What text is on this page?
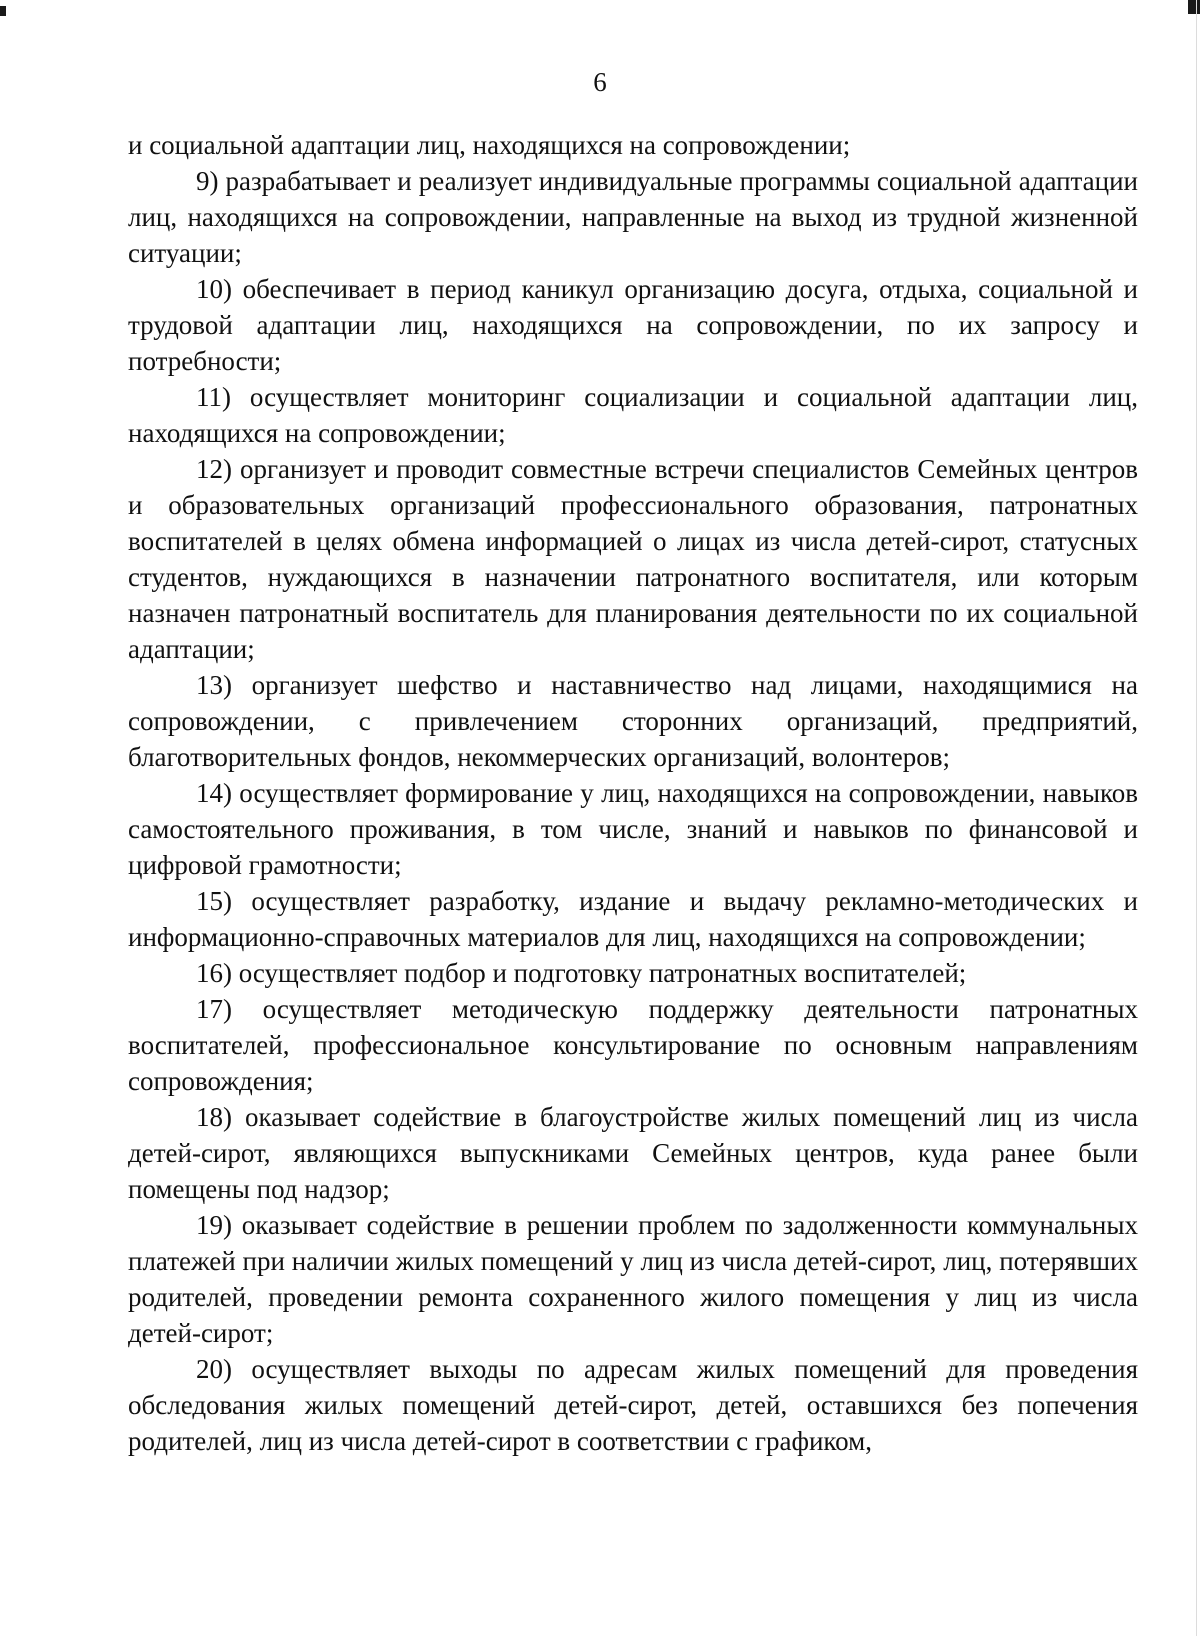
6

и социальной адаптации лиц, находящихся на сопровождении;

9) разрабатывает и реализует индивидуальные программы социальной адаптации лиц, находящихся на сопровождении, направленные на выход из трудной жизненной ситуации;

10) обеспечивает в период каникул организацию досуга, отдыха, социальной и трудовой адаптации лиц, находящихся на сопровождении, по их запросу и потребности;

11) осуществляет мониторинг социализации и социальной адаптации лиц, находящихся на сопровождении;

12) организует и проводит совместные встречи специалистов Семейных центров и образовательных организаций профессионального образования, патронатных воспитателей в целях обмена информацией о лицах из числа детей-сирот, статусных студентов, нуждающихся в назначении патронатного воспитателя, или которым назначен патронатный воспитатель для планирования деятельности по их социальной адаптации;

13) организует шефство и наставничество над лицами, находящимися на сопровождении, с привлечением сторонних организаций, предприятий, благотворительных фондов, некоммерческих организаций, волонтеров;

14) осуществляет формирование у лиц, находящихся на сопровождении, навыков самостоятельного проживания, в том числе, знаний и навыков по финансовой и цифровой грамотности;

15) осуществляет разработку, издание и выдачу рекламно-методических и информационно-справочных материалов для лиц, находящихся на сопровождении;

16) осуществляет подбор и подготовку патронатных воспитателей;

17) осуществляет методическую поддержку деятельности патронатных воспитателей, профессиональное консультирование по основным направлениям сопровождения;

18) оказывает содействие в благоустройстве жилых помещений лиц из числа детей-сирот, являющихся выпускниками Семейных центров, куда ранее были помещены под надзор;

19) оказывает содействие в решении проблем по задолженности коммунальных платежей при наличии жилых помещений у лиц из числа детей-сирот, лиц, потерявших родителей, проведении ремонта сохраненного жилого помещения у лиц из числа детей-сирот;

20) осуществляет выходы по адресам жилых помещений для проведения обследования жилых помещений детей-сирот, детей, оставшихся без попечения родителей, лиц из числа детей-сирот в соответствии с графиком,
